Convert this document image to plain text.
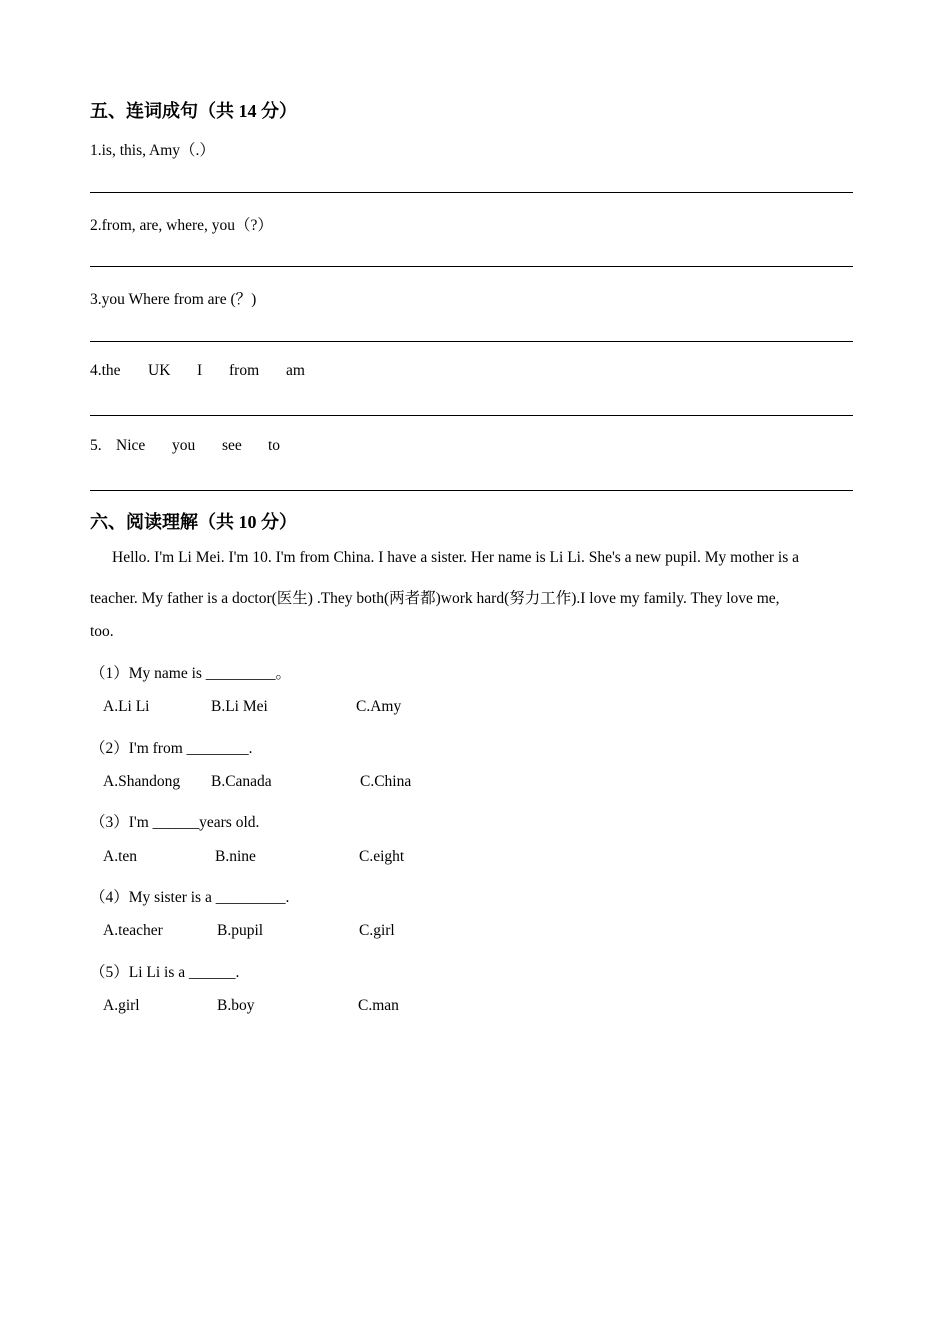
五、连词成句（共 14 分）
1.is, this, Amy（.）
2.from, are, where, you（?）
3.you Where from are (？)
4.the UK I from am
5. Nice you see to
六、阅读理解（共 10 分）
Hello. I'm Li Mei. I'm 10. I'm from China. I have a sister. Her name is Li Li. She's a new pupil. My mother is a
teacher. My father is a doctor(医生) .They both(两者都)work hard(努力工作).I love my family. They love me,
too.
（1）My name is _________。
A.Li Li	B.Li Mei	C.Amy
（2）I'm from ________.
A.Shandong B.Canada	C.China
（3）I'm ______years old.
A.ten	B.nine	C.eight
（4）My sister is a _________.
A.teacher	B.pupil	C.girl
（5）Li Li is a ______.
A.girl	B.boy	C.man
